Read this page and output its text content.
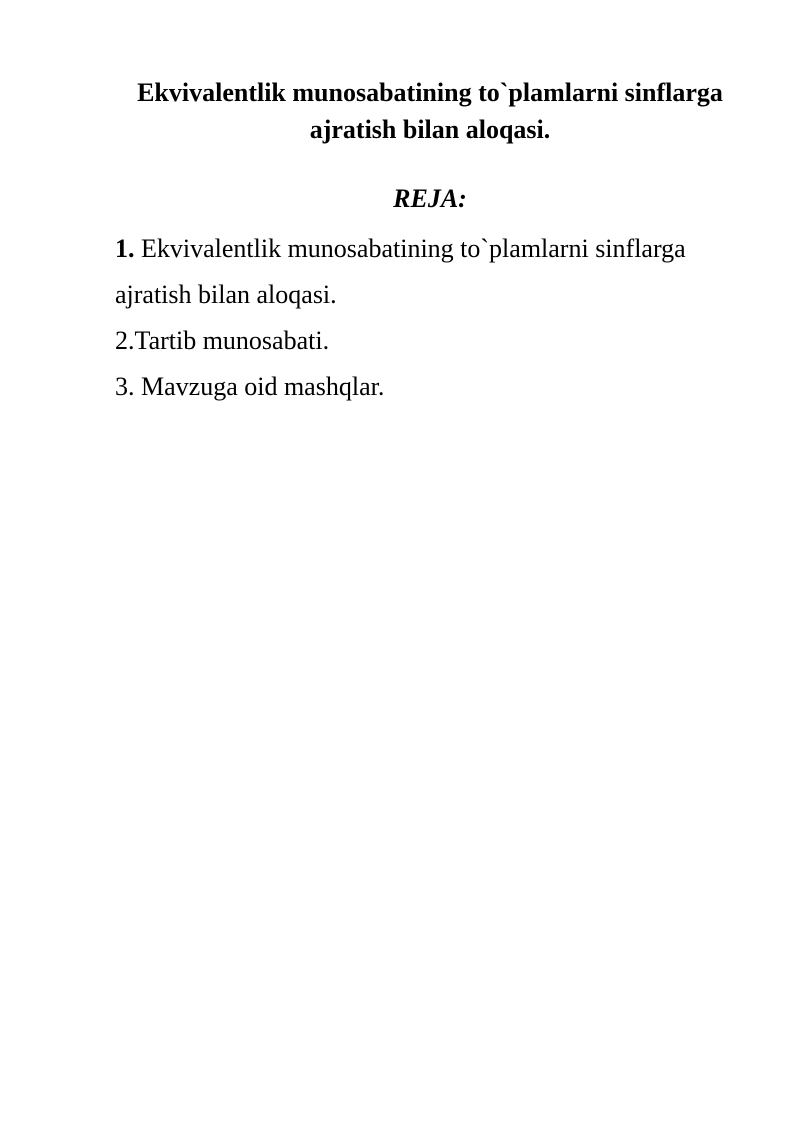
Ekvivalentlik munosabatining to`plamlarni sinflarga
ajratish bilan aloqasi.
REJA:
1. Ekvivalentlik munosabatining to`plamlarni sinflarga
ajratish bilan aloqasi.
2.Tartib munosabati.
3. Mavzuga oid mashqlar.
